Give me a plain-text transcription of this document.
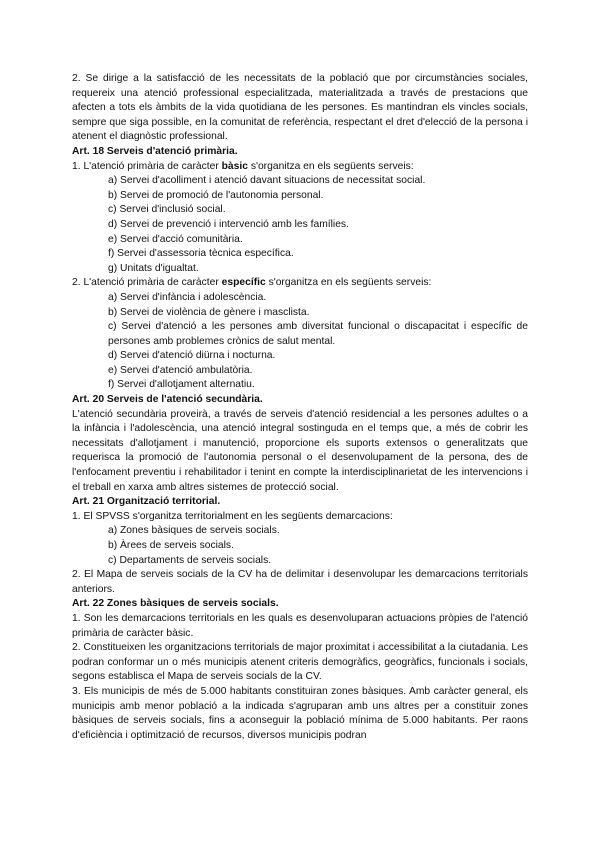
2. Se dirige a la satisfacció de les necessitats de la població que por circumstàncies sociales, requereix una atenció professional especialitzada, materialitzada a través de prestacions que afecten a tots els àmbits de la vida quotidiana de les persones. Es mantindran els vincles socials, sempre que siga possible, en la comunitat de referència, respectant el dret d'elecció de la persona i atenent el diagnòstic professional.

Art. 18 Serveis d'atenció primària.

1. L'atenció primària de caràcter bàsic s'organitza en els següents serveis:

a) Servei d'acolliment i atenció davant situacions de necessitat social.

b) Servei de promoció de l'autonomia personal.

c) Servei d'inclusió social.

d) Servei de prevenció i intervenció amb les famílies.

e) Servei d'acció comunitària.

f) Servei d'assessoria tècnica específica.

g) Unitats d'igualtat.

2. L'atenció primària de caràcter específic s'organitza en els següents serveis:

a) Servei d'infància i adolescència.

b) Servei de violència de gènere i masclista.

c) Servei d'atenció a les persones amb diversitat funcional o discapacitat i específic de persones amb problemes crònics de salut mental.

d) Servei d'atenció diürna i nocturna.

e) Servei d'atenció ambulatòria.

f) Servei d'allotjament alternatiu.

Art. 20 Serveis de l'atenció secundària.

L'atenció secundària proveirà, a través de serveis d'atenció residencial a les persones adultes o a la infància i l'adolescència, una atenció integral sostinguda en el temps que, a més de cobrir les necessitats d'allotjament i manutenció, proporcione els suports extensos o generalitzats que requerisca la promoció de l'autonomia personal o el desenvolupament de la persona, des de l'enfocament preventiu i rehabilitador i tenint en compte la interdisciplinarietat de les intervencions i el treball en xarxa amb altres sistemes de protecció social.

Art. 21 Organització territorial.

1. El SPVSS s'organitza territorialment en les següents demarcacions:

a) Zones bàsiques de serveis socials.

b) Àrees de serveis socials.

c) Departaments de serveis socials.

2. El Mapa de serveis socials de la CV ha de delimitar i desenvolupar les demarcacions territorials anteriors.

Art. 22 Zones bàsiques de serveis socials.

1. Son les demarcacions territorials en les quals es desenvoluparan actuacions pròpies de l'atenció primària de caràcter bàsic.

2. Constitueixen les organitzacions territorials de major proximitat i accessibilitat a la ciutadania. Les podran conformar un o més municipis atenent criteris demogràfics, geogràfics, funcionals i socials, segons establisca el Mapa de serveis socials de la CV.

3. Els municipis de més de 5.000 habitants constituiran zones bàsiques. Amb caràcter general, els municipis amb menor població a la indicada s'agruparan amb uns altres per a constituir zones bàsiques de serveis socials, fins a aconseguir la població mínima de 5.000 habitants. Per raons d'eficiència i optimització de recursos, diversos municipis podran
